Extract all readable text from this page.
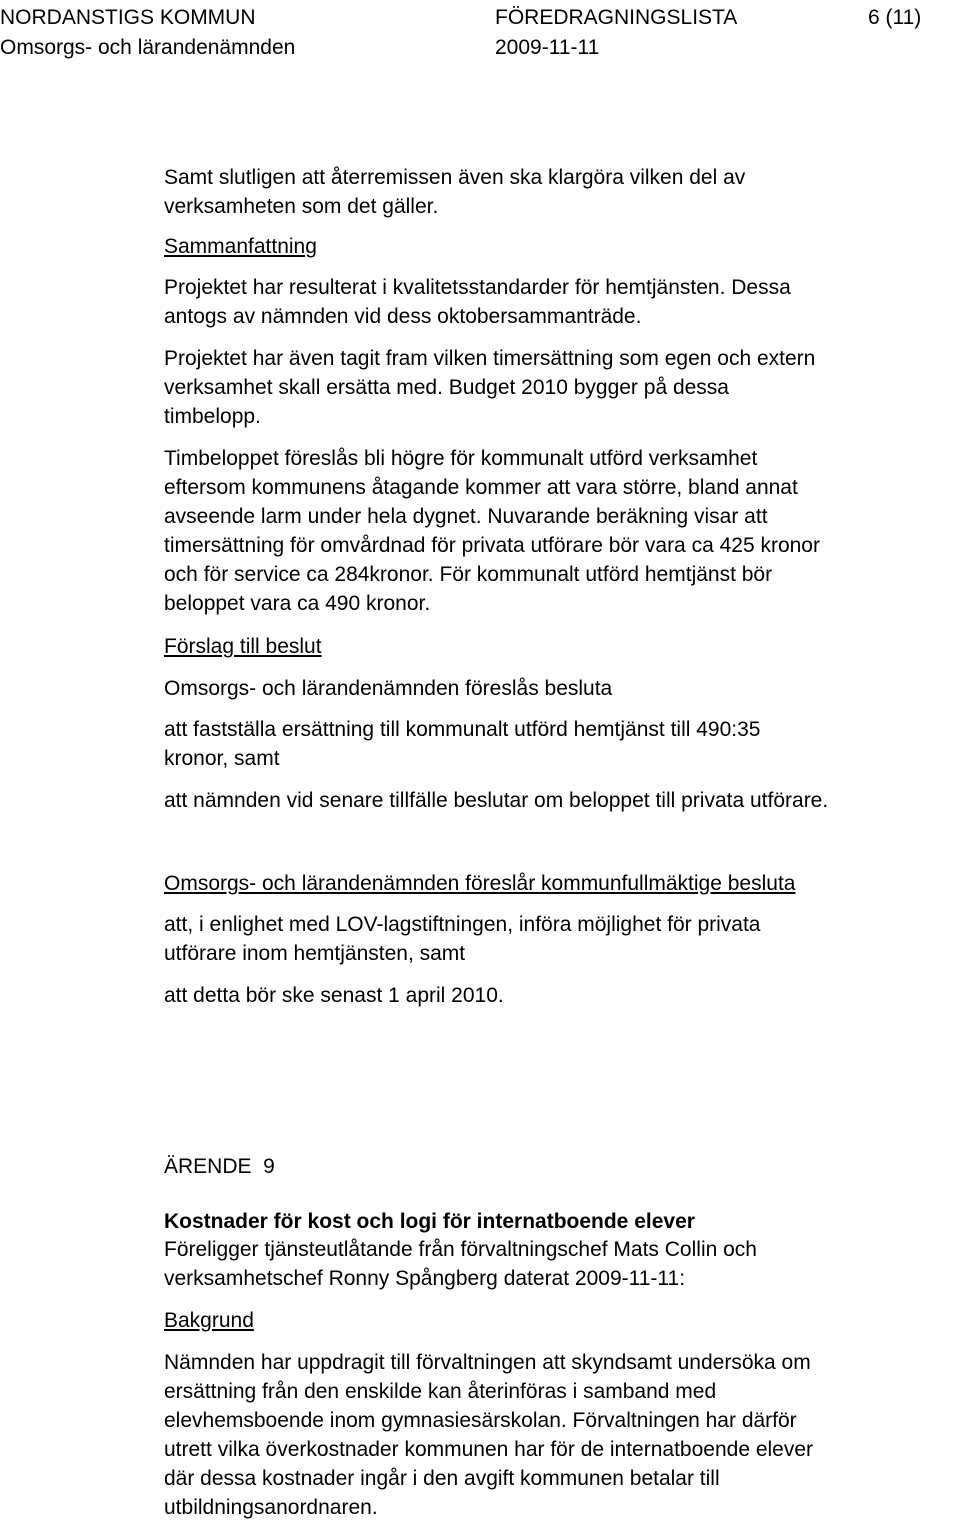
NORDANSTIGS KOMMUN	FÖREDRAGNINGSLISTA	6 (11)
Omsorgs- och lärandenämnden	2009-11-11
Samt slutligen att återremissen även ska klargöra vilken del av
verksamheten som det gäller.
Sammanfattning
Projektet har resulterat i kvalitetsstandarder för hemtjänsten. Dessa
antogs av nämnden vid dess oktobersammanträde.
Projektet har även tagit fram vilken timersättning som egen och extern
verksamhet skall ersätta med. Budget 2010 bygger på dessa
timbelopp.
Timbeloppet föreslås bli högre för kommunalt utförd verksamhet
eftersom kommunens åtagande kommer att vara större, bland annat
avseende larm under hela dygnet. Nuvarande beräkning visar att
timersättning för omvårdnad för privata utförare bör vara ca 425 kronor
och för service ca 284kronor. För kommunalt utförd hemtjänst bör
beloppet vara ca 490 kronor.
Förslag till beslut
Omsorgs- och lärandenämnden föreslås besluta
att fastställa ersättning till kommunalt utförd hemtjänst till 490:35
kronor, samt
att nämnden vid senare tillfälle beslutar om beloppet till privata utförare.
Omsorgs- och lärandenämnden föreslår kommunfullmäktige besluta
att, i enlighet med LOV-lagstiftningen, införa möjlighet för privata
utförare inom hemtjänsten, samt
att detta bör ske senast 1 april 2010.
ÄRENDE  9
Kostnader för kost och logi för internatboende elever
Föreligger tjänsteutlåtande från förvaltningschef Mats Collin och
verksamhetschef Ronny Spångberg daterat 2009-11-11:
Bakgrund
Nämnden har uppdragit till förvaltningen att skyndsamt undersöka om
ersättning från den enskilde kan återinföras i samband med
elevhemsboende inom gymnasiesärskolan. Förvaltningen har därför
utrett vilka överkostnader kommunen har för de internatboende elever
där dessa kostnader ingår i den avgift kommunen betalar till
utbildningsanordnaren.
